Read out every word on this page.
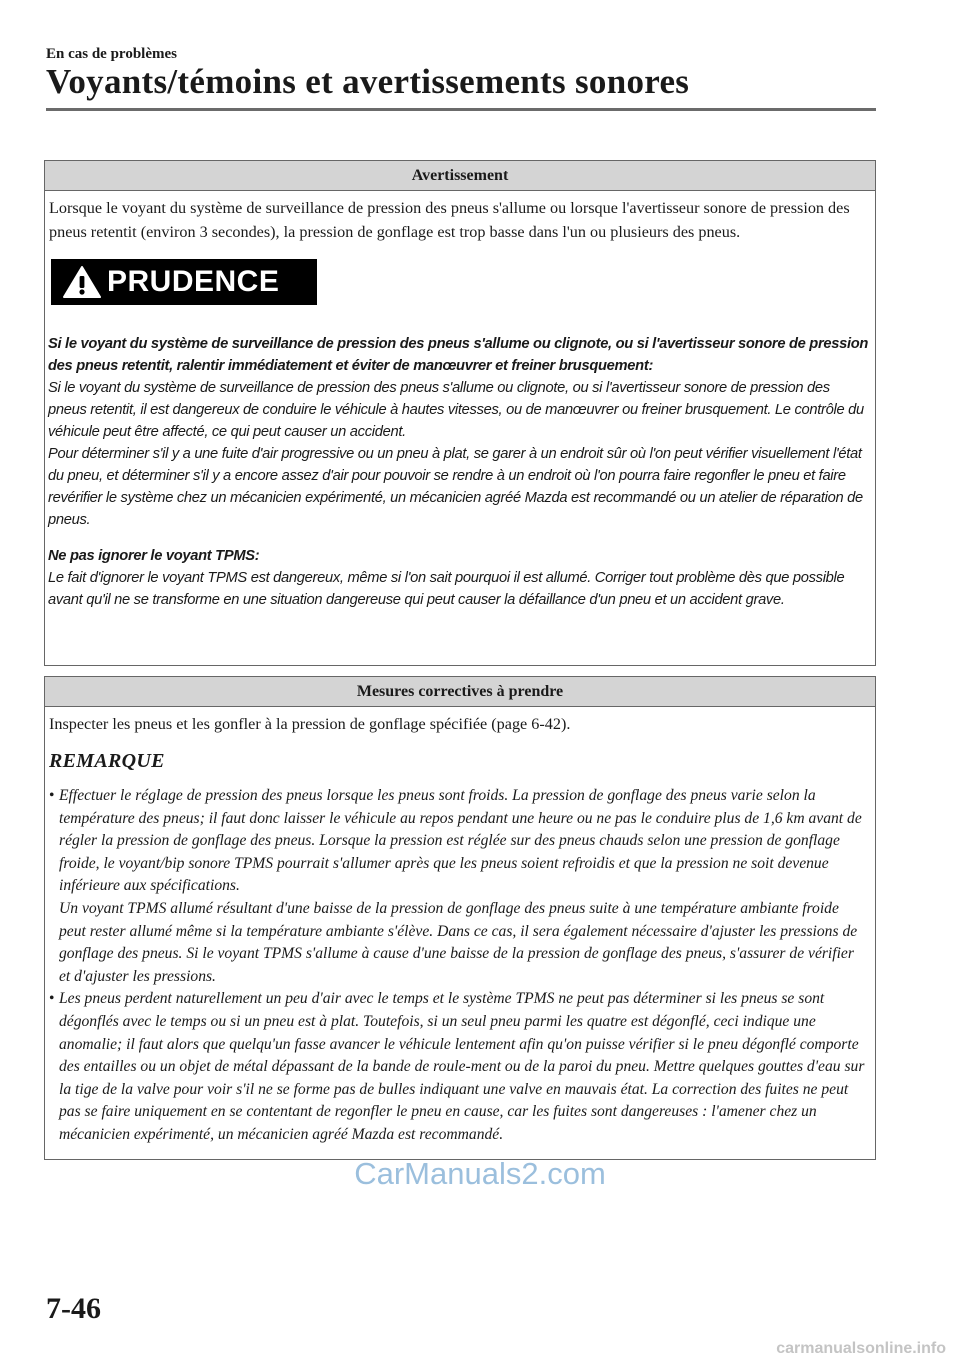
En cas de problèmes
Voyants/témoins et avertissements sonores
Avertissement

Lorsque le voyant du système de surveillance de pression des pneus s'allume ou lorsque l'avertisseur sonore de pression des pneus retentit (environ 3 secondes), la pression de gonflage est trop basse dans l'un ou plusieurs des pneus.

PRUDENCE
Si le voyant du système de surveillance de pression des pneus s'allume ou clignote, ou si l'avertisseur sonore de pression des pneus retentit, ralentir immédiatement et éviter de manœuvrer et freiner brusquement:
Si le voyant du système de surveillance de pression des pneus s'allume ou clignote, ou si l'avertisseur sonore de pression des pneus retentit, il est dangereux de conduire le véhicule à hautes vitesses, ou de manœuvrer ou freiner brusquement. Le contrôle du véhicule peut être affecté, ce qui peut causer un accident.
Pour déterminer s'il y a une fuite d'air progressive ou un pneu à plat, se garer à un endroit sûr où l'on peut vérifier visuellement l'état du pneu, et déterminer s'il y a encore assez d'air pour pouvoir se rendre à un endroit où l'on pourra faire regonfler le pneu et faire revérifier le système chez un mécanicien expérimenté, un mécanicien agréé Mazda est recommandé ou un atelier de réparation de pneus.
Ne pas ignorer le voyant TPMS:
Le fait d'ignorer le voyant TPMS est dangereux, même si l'on sait pourquoi il est allumé. Corriger tout problème dès que possible avant qu'il ne se transforme en une situation dangereuse qui peut causer la défaillance d'un pneu et un accident grave.
Mesures correctives à prendre

Inspecter les pneus et les gonfler à la pression de gonflage spécifiée (page 6-42).

REMARQUE
• Effectuer le réglage de pression des pneus lorsque les pneus sont froids. La pression de gonflage des pneus varie selon la température des pneus; il faut donc laisser le véhicule au repos pendant une heure ou ne pas le conduire plus de 1,6 km avant de régler la pression de gonflage des pneus. Lorsque la pression est réglée sur des pneus chauds selon une pression de gonflage froide, le voyant/bip sonore TPMS pourrait s'allumer après que les pneus soient refroidis et que la pression ne soit devenue inférieure aux spécifications.
Un voyant TPMS allumé résultant d'une baisse de la pression de gonflage des pneus suite à une température ambiante froide peut rester allumé même si la température ambiante s'élève. Dans ce cas, il sera également nécessaire d'ajuster les pressions de gonflage des pneus. Si le voyant TPMS s'allume à cause d'une baisse de la pression de gonflage des pneus, s'assurer de vérifier et d'ajuster les pressions.
• Les pneus perdent naturellement un peu d'air avec le temps et le système TPMS ne peut pas déterminer si les pneus se sont dégonflés avec le temps ou si un pneu est à plat. Toutefois, si un seul pneu parmi les quatre est dégonflé, ceci indique une anomalie; il faut alors que quelqu'un fasse avancer le véhicule lentement afin qu'on puisse vérifier si le pneu dégonflé comporte des entailles ou un objet de métal dépassant de la bande de roule-ment ou de la paroi du pneu. Mettre quelques gouttes d'eau sur la tige de la valve pour voir s'il ne se forme pas de bulles indiquant une valve en mauvais état. La correction des fuites ne peut pas se faire uniquement en se contentant de regonfler le pneu en cause, car les fuites sont dangereuses : l'amener chez un mécanicien expérimenté, un mécanicien agréé Mazda est recommandé.
CarManuals2.com
7-46
carmanualsonline.info
